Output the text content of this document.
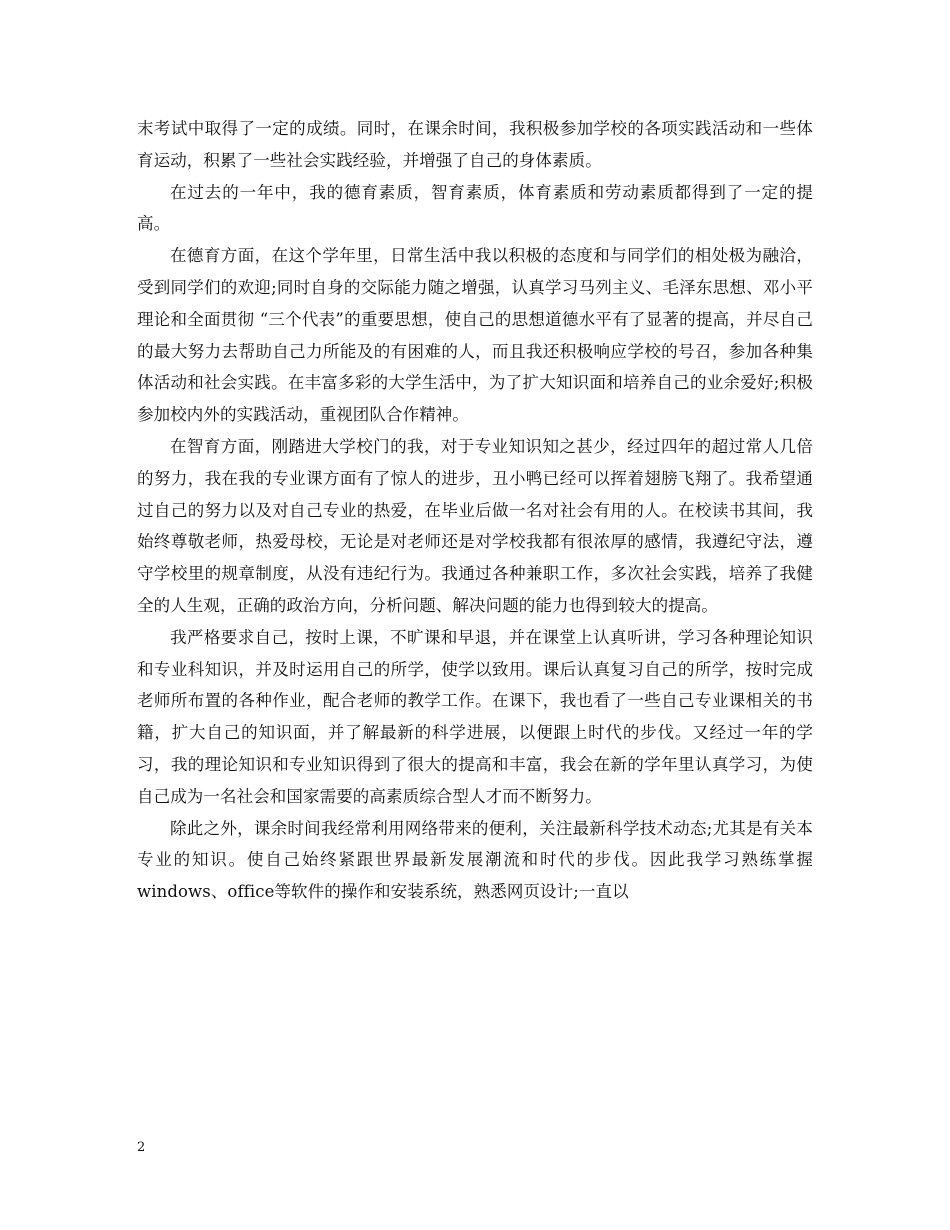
末考试中取得了一定的成绩。同时，在课余时间，我积极参加学校的各项实践活动和一些体育运动，积累了一些社会实践经验，并增强了自己的身体素质。

在过去的一年中，我的德育素质，智育素质，体育素质和劳动素质都得到了一定的提高。

在德育方面，在这个学年里，日常生活中我以积极的态度和与同学们的相处极为融洽，受到同学们的欢迎;同时自身的交际能力随之增强，认真学习马列主义、毛泽东思想、邓小平理论和全面贯彻 “三个代表”的重要思想，使自己的思想道德水平有了显著的提高，并尽自己的最大努力去帮助自己力所能及的有困难的人，而且我还积极响应学校的号召，参加各种集体活动和社会实践。在丰富多彩的大学生活中，为了扩大知识面和培养自己的业余爱好;积极参加校内外的实践活动，重视团队合作精神。

在智育方面，刚踏进大学校门的我，对于专业知识知之甚少，经过四年的超过常人几倍的努力，我在我的专业课方面有了惊人的进步，丑小鸭已经可以挥着翅膀飞翔了。我希望通过自己的努力以及对自己专业的热爱，在毕业后做一名对社会有用的人。在校读书其间，我始终尊敬老师，热爱母校，无论是对老师还是对学校我都有很浓厚的感情，我遵纪守法，遵守学校里的规章制度，从没有违纪行为。我通过各种兼职工作，多次社会实践，培养了我健全的人生观，正确的政治方向，分析问题、解决问题的能力也得到较大的提高。

我严格要求自己，按时上课，不旷课和早退，并在课堂上认真听讲，学习各种理论知识和专业科知识，并及时运用自己的所学，使学以致用。课后认真复习自己的所学，按时完成老师所布置的各种作业，配合老师的教学工作。在课下，我也看了一些自己专业课相关的书籍，扩大自己的知识面，并了解最新的科学进展，以便跟上时代的步伐。又经过一年的学习，我的理论知识和专业知识得到了很大的提高和丰富，我会在新的学年里认真学习，为使自己成为一名社会和国家需要的高素质综合型人才而不断努力。

除此之外，课余时间我经常利用网络带来的便利，关注最新科学技术动态;尤其是有关本专业的知识。使自己始终紧跟世界最新发展潮流和时代的步伐。因此我学习熟练掌握windows、office等软件的操作和安装系统，熟悉网页设计;一直以

2
